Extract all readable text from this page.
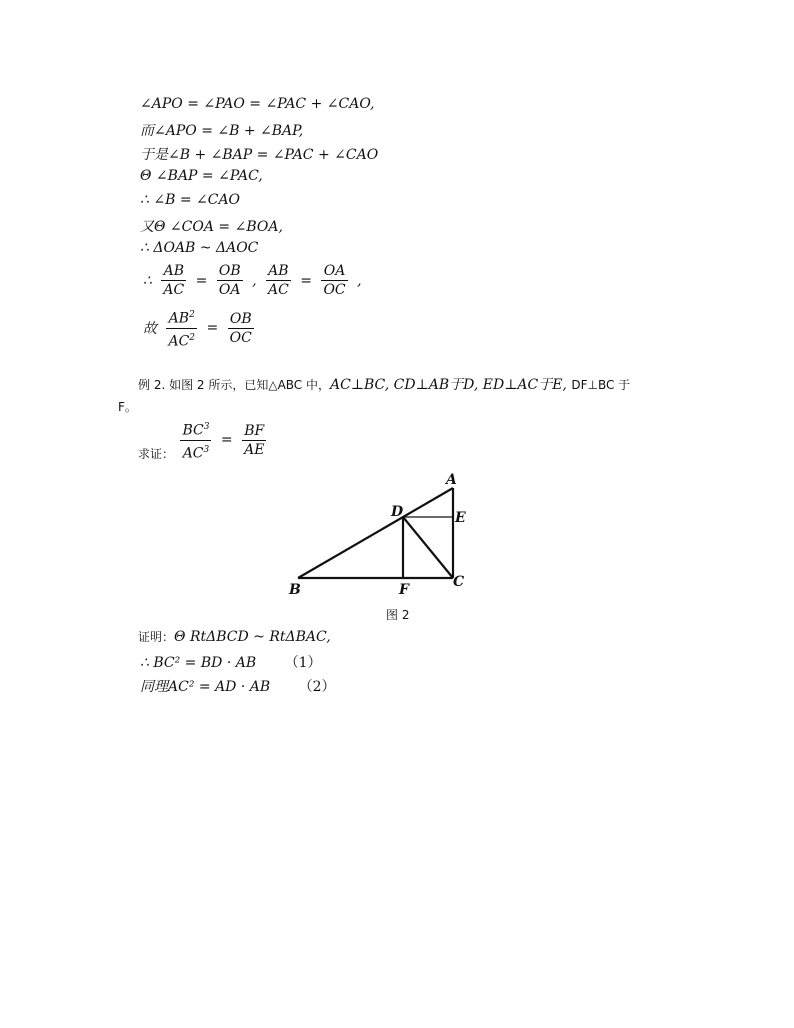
∠APO = ∠PAO = ∠PAC + ∠CAO,
而∠APO = ∠B + ∠BAP,
于是∠B + ∠BAP = ∠PAC + ∠CAO
Θ ∠BAP = ∠PAC,
∴ ∠B = ∠CAO
又Θ ∠COA = ∠BOA,
∴ ΔOAB ~ ΔAOC
∴ $\frac{AB}{AC} = \frac{OB}{OA}$ , $\frac{AB}{AC} = \frac{OA}{OC}$ ,
故 $\frac{AB^2}{AC^2} = \frac{OB}{OC}$
例 2. 如图 2 所示，已知△ABC 中，AC⊥BC, CD⊥AB于D, ED⊥AC于E, DF⊥BC 于
F。
求证： $\frac{BC^3}{AC^3} = \frac{BF}{AE}$
A
B	C
D	E
F
图 2
证明：Θ RtΔBCD ~ RtΔBAC,
∴ BC² = BD · AB （1）
同理AC² = AD · AB （2）
